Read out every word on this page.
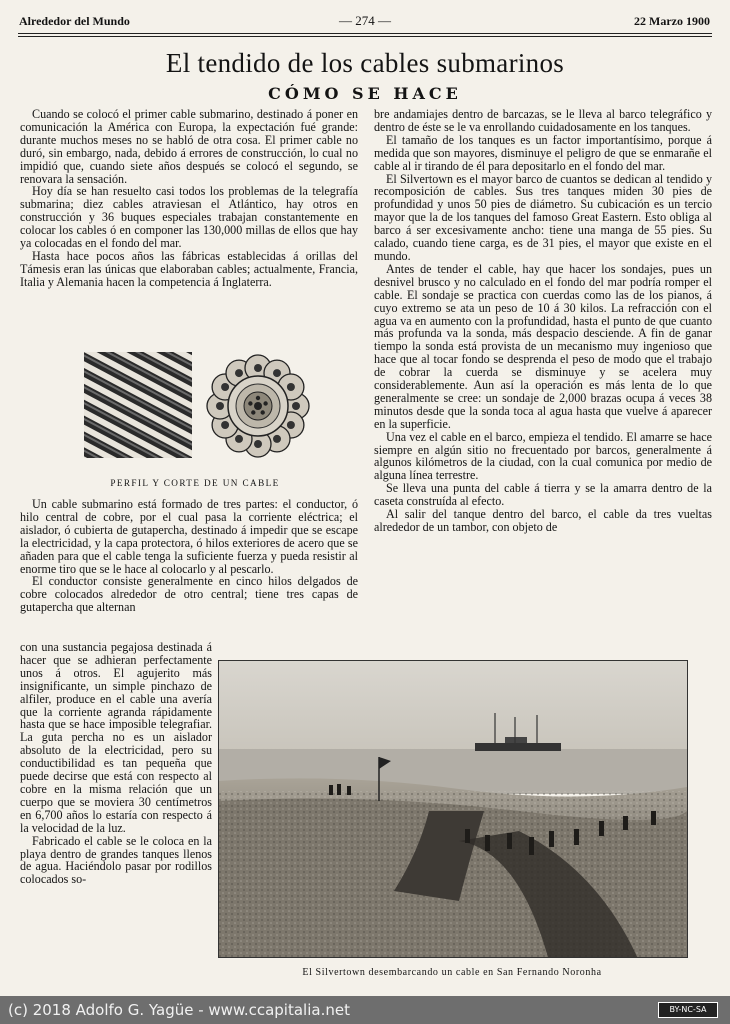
Alrededor del Mundo	— 274 —	22 Marzo 1900
El tendido de los cables submarinos
CÓMO SE HACE

Cuando se colocó el primer cable submarino, destinado á poner en comunicación la América con Europa, la expectación fué grande: durante muchos meses no se habló de otra cosa. El primer cable no duró, sin embargo, nada, debido á errores de construcción, lo cual no impidió que, cuando siete años después se colocó el segundo, se renovara la sensación.

Hoy día se han resuelto casi todos los problemas de la telegrafía submarina; diez cables atraviesan el Atlántico, hay otros en construcción y 36 buques especiales trabajan constantemente en colocar los cables ó en componer las 130,000 millas de ellos que hay ya colocadas en el fondo del mar.

Hasta hace pocos años las fábricas establecidas á orillas del Támesis eran las únicas que elaboraban cables; actualmente, Francia, Italia y Alemania hacen la competencia á Inglaterra.

PERFIL Y CORTE DE UN CABLE

Un cable submarino está formado de tres partes: el conductor, ó hilo central de cobre, por el cual pasa la corriente eléctrica; el aislador, ó cubierta de gutapercha, destinado á impedir que se escape la electricidad, y la capa protectora, ó hilos exteriores de acero que se añaden para que el cable tenga la suficiente fuerza y pueda resistir al enorme tiro que se le hace al colocarlo y al pescarlo.

El conductor consiste generalmente en cinco hilos delgados de cobre colocados alrededor de otro central; tiene tres capas de gutapercha que alternan

con una sustancia pegajosa destinada á hacer que se adhieran perfectamente unos á otros. El agujerito más insignificante, un simple pinchazo de alfiler, produce en el cable una avería que la corriente agranda rápidamente hasta que se hace imposible telegrafiar. La guta percha no es un aislador absoluto de la electricidad, pero su conductibilidad es tan pequeña que puede decirse que está con respecto al cobre en la misma relación que un cuerpo que se moviera 30 centímetros en 6,700 años lo estaría con respecto á la velocidad de la luz.

Fabricado el cable se le coloca en la playa dentro de grandes tanques llenos de agua. Haciéndolo pasar por rodillos colocados so-

bre andamiajes dentro de barcazas, se le lleva al barco telegráfico y dentro de éste se le va enrollando cuidadosamente en los tanques.

El tamaño de los tanques es un factor importantísimo, porque á medida que son mayores, disminuye el peligro de que se enmarañe el cable al ir tirando de él para depositarlo en el fondo del mar.

El Silvertown es el mayor barco de cuantos se dedican al tendido y recomposición de cables. Sus tres tanques miden 30 pies de profundidad y unos 50 pies de diámetro. Su cubicación es un tercio mayor que la de los tanques del famoso Great Eastern. Esto obliga al barco á ser excesivamente ancho: tiene una manga de 55 pies. Su calado, cuando tiene carga, es de 31 pies, el mayor que existe en el mundo.

Antes de tender el cable, hay que hacer los sondajes, pues un desnivel brusco y no calculado en el fondo del mar podría romper el cable. El sondaje se practica con cuerdas como las de los pianos, á cuyo extremo se ata un peso de 10 á 30 kilos. La refracción con el agua va en aumento con la profundidad, hasta el punto de que cuanto más profunda va la sonda, más despacio desciende. A fin de ganar tiempo la sonda está provista de un mecanismo muy ingenioso que hace que al tocar fondo se desprenda el peso de modo que el trabajo de cobrar la cuerda se disminuye y se acelera muy considerablemente. Aun así la operación es más lenta de lo que generalmente se cree: un sondaje de 2,000 brazas ocupa á veces 38 minutos desde que la sonda toca al agua hasta que vuelve á aparecer en la superficie.

Una vez el cable en el barco, empieza el tendido. El amarre se hace siempre en algún sitio no frecuentado por barcos, generalmente á algunos kilómetros de la ciudad, con la cual comunica por medio de alguna línea terrestre.

Se lleva una punta del cable á tierra y se la amarra dentro de la caseta construída al efecto.

Al salir del tanque dentro del barco, el cable da tres vueltas alrededor de un tambor, con objeto de

El Silvertown desembarcando un cable en San Fernando Noronha
(c) 2018 Adolfo G. Yagüe - www.ccapitalia.net	BY-NC-SA
